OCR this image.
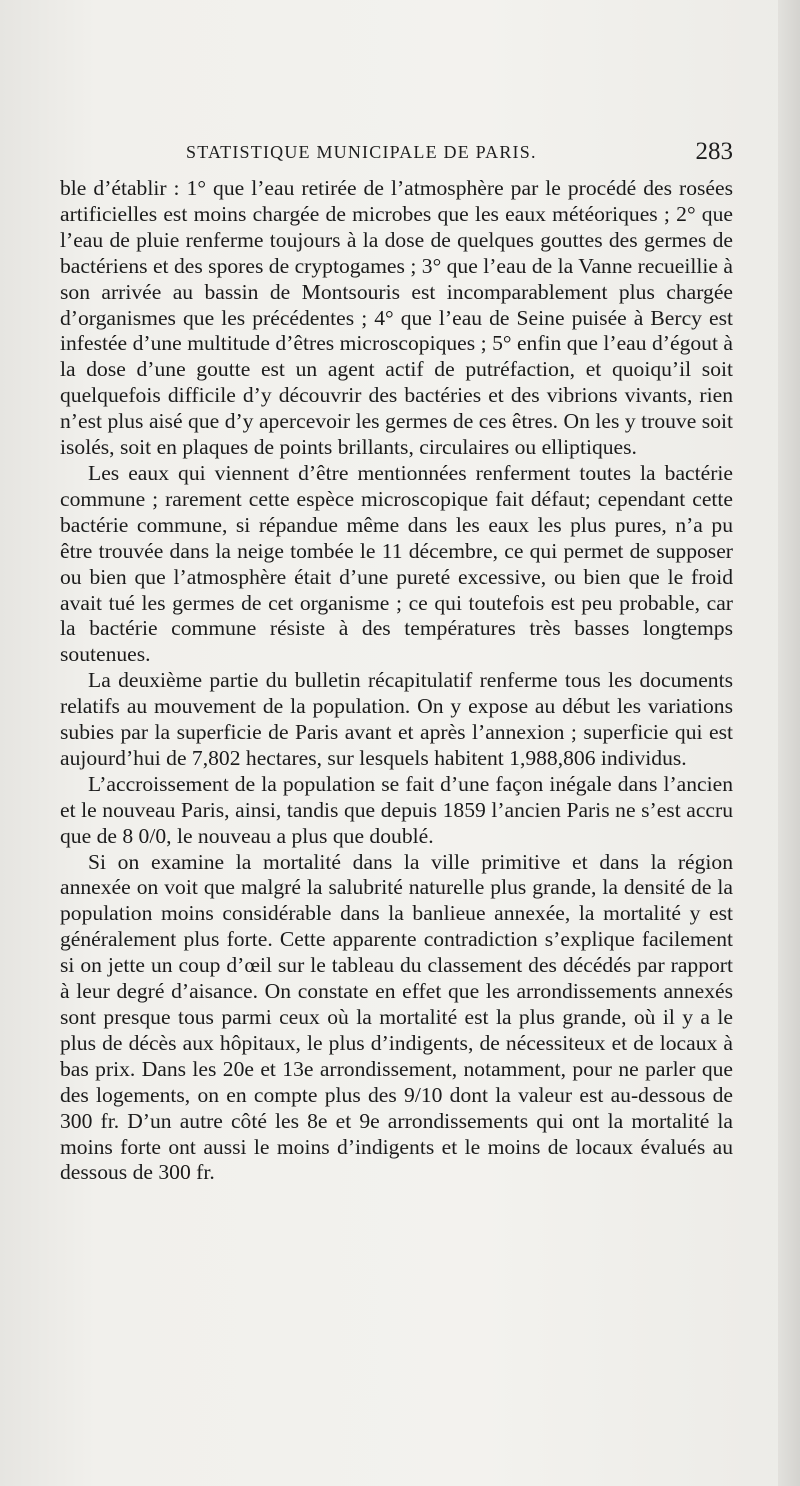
STATISTIQUE MUNICIPALE DE PARIS.	283

ble d’établir : 1° que l’eau retirée de l’atmosphère par le procédé des rosées artificielles est moins chargée de microbes que les eaux météoriques ; 2° que l’eau de pluie renferme toujours à la dose de quelques gouttes des germes de bactériens et des spores de cryptogames ; 3° que l’eau de la Vanne recueillie à son arrivée au bassin de Montsouris est incomparablement plus chargée d’organismes que les précédentes ; 4° que l’eau de Seine puisée à Bercy est infestée d’une multitude d’êtres microscopiques ; 5° enfin que l’eau d’égout à la dose d’une goutte est un agent actif de putréfaction, et quoiqu’il soit quelquefois difficile d’y découvrir des bactéries et des vibrions vivants, rien n’est plus aisé que d’y apercevoir les germes de ces êtres. On les y trouve soit isolés, soit en plaques de points brillants, circulaires ou elliptiques.

Les eaux qui viennent d’être mentionnées renferment toutes la bactérie commune ; rarement cette espèce microscopique fait défaut; cependant cette bactérie commune, si répandue même dans les eaux les plus pures, n’a pu être trouvée dans la neige tombée le 11 décembre, ce qui permet de supposer ou bien que l’atmosphère était d’une pureté excessive, ou bien que le froid avait tué les germes de cet organisme ; ce qui toutefois est peu probable, car la bactérie commune résiste à des températures très basses longtemps soutenues.

La deuxième partie du bulletin récapitulatif renferme tous les documents relatifs au mouvement de la population. On y expose au début les variations subies par la superficie de Paris avant et après l’annexion ; superficie qui est aujourd’hui de 7,802 hectares, sur lesquels habitent 1,988,806 individus.

L’accroissement de la population se fait d’une façon inégale dans l’ancien et le nouveau Paris, ainsi, tandis que depuis 1859 l’ancien Paris ne s’est accru que de 8 0/0, le nouveau a plus que doublé.

Si on examine la mortalité dans la ville primitive et dans la région annexée on voit que malgré la salubrité naturelle plus grande, la densité de la population moins considérable dans la banlieue annexée, la mortalité y est généralement plus forte. Cette apparente contradiction s’explique facilement si on jette un coup d’œil sur le tableau du classement des décédés par rapport à leur degré d’aisance. On constate en effet que les arrondissements annexés sont presque tous parmi ceux où la mortalité est la plus grande, où il y a le plus de décès aux hôpitaux, le plus d’indigents, de nécessiteux et de locaux à bas prix. Dans les 20e et 13e arrondissement, notamment, pour ne parler que des logements, on en compte plus des 9/10 dont la valeur est au-dessous de 300 fr. D’un autre côté les 8e et 9e arrondissements qui ont la mortalité la moins forte ont aussi le moins d’indigents et le moins de locaux évalués au dessous de 300 fr.
